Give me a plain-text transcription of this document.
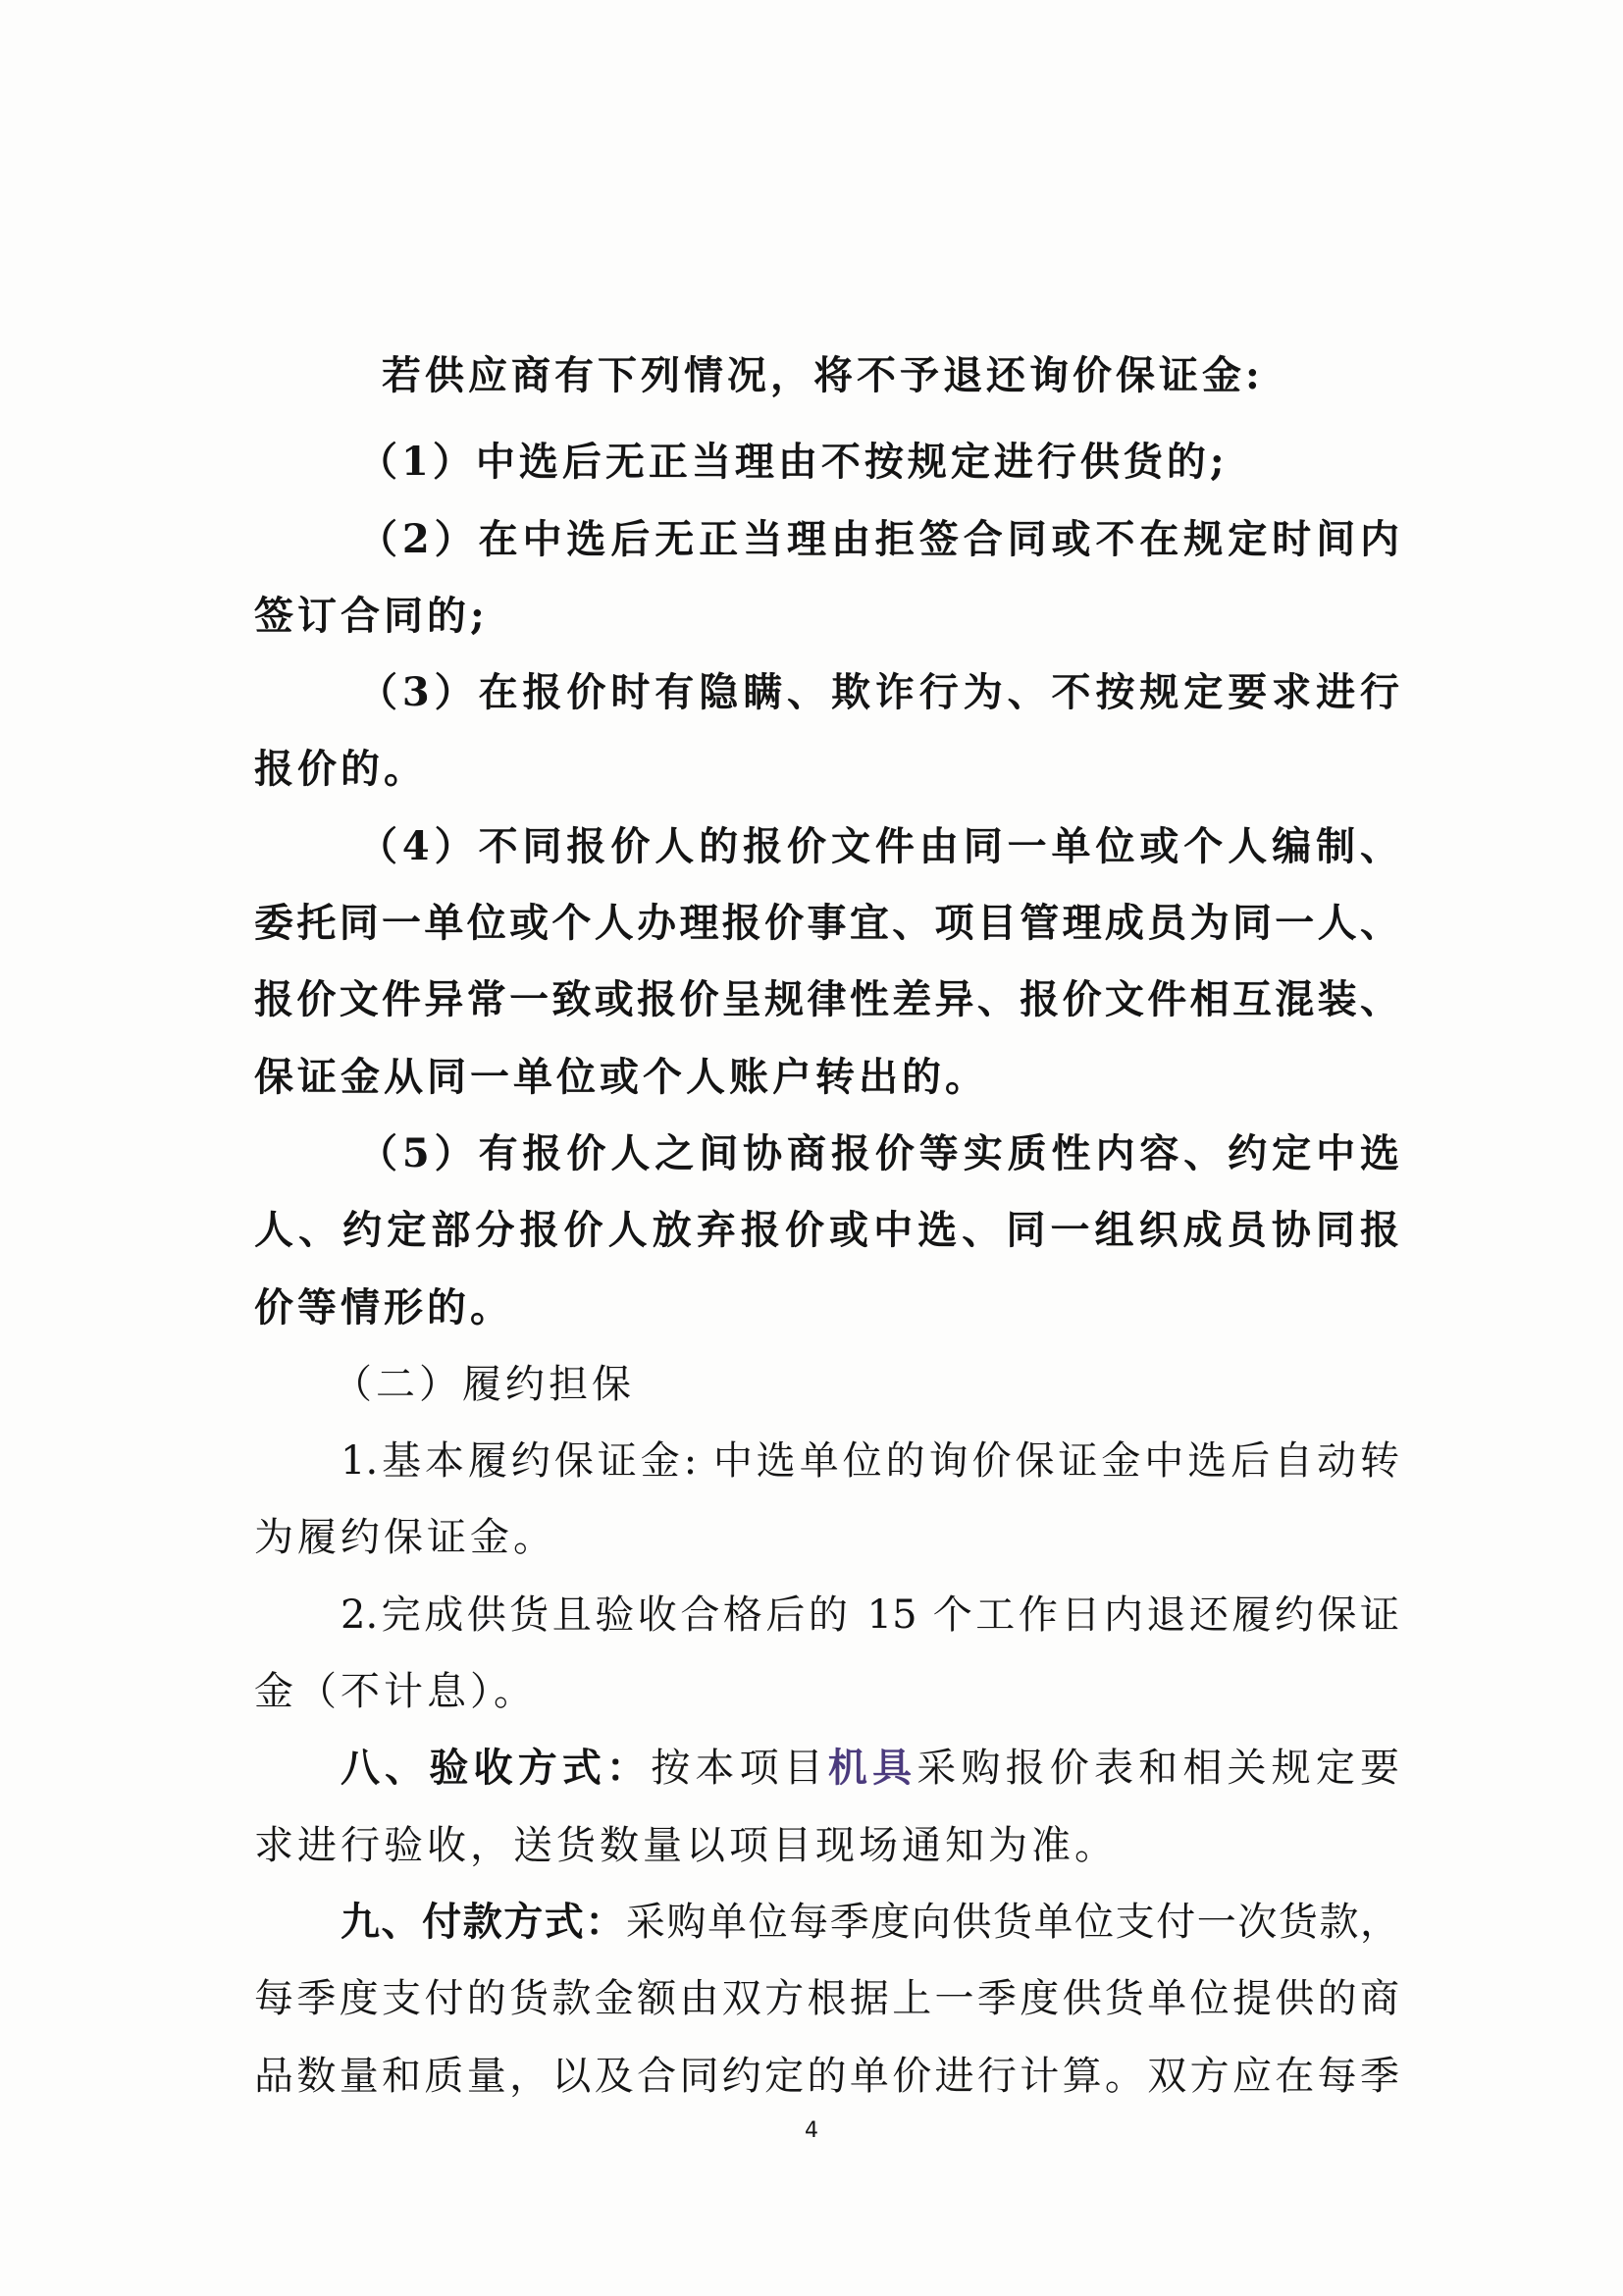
若供应商有下列情况，将不予退还询价保证金:
（1）中选后无正当理由不按规定进行供货的;
（2）在中选后无正当理由拒签合同或不在规定时间内
签订合同的;
（3）在报价时有隐瞒、欺诈行为、不按规定要求进行
报价的。
（4）不同报价人的报价文件由同一单位或个人编制、
委托同一单位或个人办理报价事宜、项目管理成员为同一人、
报价文件异常一致或报价呈规律性差异、报价文件相互混装、
保证金从同一单位或个人账户转出的。
（5）有报价人之间协商报价等实质性内容、约定中选
人、约定部分报价人放弃报价或中选、同一组织成员协同报
价等情形的。
（二）履约担保
1.基本履约保证金: 中选单位的询价保证金中选后自动转
为履约保证金。
2.完成供货且验收合格后的 15 个工作日内退还履约保证
金（不计息）。
八、验收方式：按本项目机具采购报价表和相关规定要
求进行验收，送货数量以项目现场通知为准。
九、付款方式：采购单位每季度向供货单位支付一次货款，
每季度支付的货款金额由双方根据上一季度供货单位提供的商
品数量和质量，以及合同约定的单价进行计算。双方应在每季
4
